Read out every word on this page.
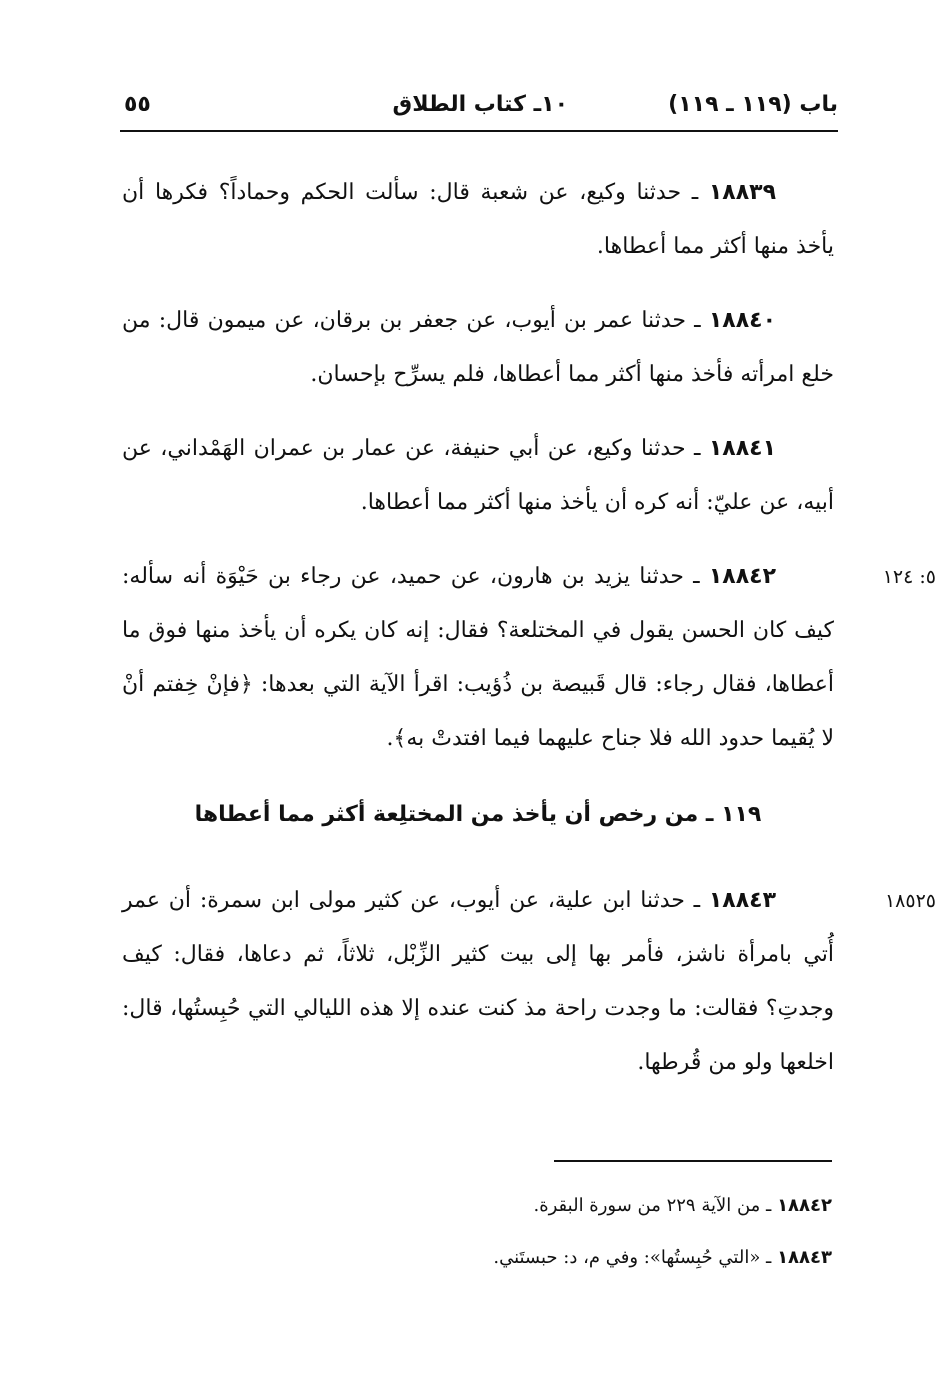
باب (١١٩ ـ ١١٩)
١٠ـ كتاب الطلاق
٥٥

١٨٨٣٩ ـ حدثنا وكيع، عن شعبة قال: سألت الحكم وحماداً؟ فكرها أن يأخذ منها أكثر مما أعطاها.

١٨٨٤٠ ـ حدثنا عمر بن أيوب، عن جعفر بن برقان، عن ميمون قال: من خلع امرأته فأخذ منها أكثر مما أعطاها، فلم يسرِّح بإحسان.

١٨٨٤١ ـ حدثنا وكيع، عن أبي حنيفة، عن عمار بن عمران الهَمْداني، عن أبيه، عن عليّ: أنه كره أن يأخذ منها أكثر مما أعطاها.

٥: ١٢٤
١٨٨٤٢ ـ حدثنا يزيد بن هارون، عن حميد، عن رجاء بن حَيْوَة أنه سأله: كيف كان الحسن يقول في المختلعة؟ فقال: إنه كان يكره أن يأخذ منها فوق ما أعطاها، فقال رجاء: قال قَبيصة بن ذُؤيب: اقرأ الآية التي بعدها: ﴿فإنْ خِفتم أنْ لا يُقيما حدود الله فلا جناح عليهما فيما افتدتْ به﴾.

١١٩ ـ من رخص أن يأخذ من المختلِعة أكثر مما أعطاها

١٨٥٢٥
١٨٨٤٣ ـ حدثنا ابن علية، عن أيوب، عن كثير مولى ابن سمرة: أن عمر أُتي بامرأة ناشز، فأمر بها إلى بيت كثير الزِّبْل، ثلاثاً، ثم دعاها، فقال: كيف وجدتِ؟ فقالت: ما وجدت راحة مذ كنت عنده إلا هذه الليالي التي حُبِستُها، قال: اخلعها ولو من قُرطها.

١٨٨٤٢ ـ من الآية ٢٢٩ من سورة البقرة.
١٨٨٤٣ ـ «التي حُبِستُها»: وفي م، د: حبستَني.
